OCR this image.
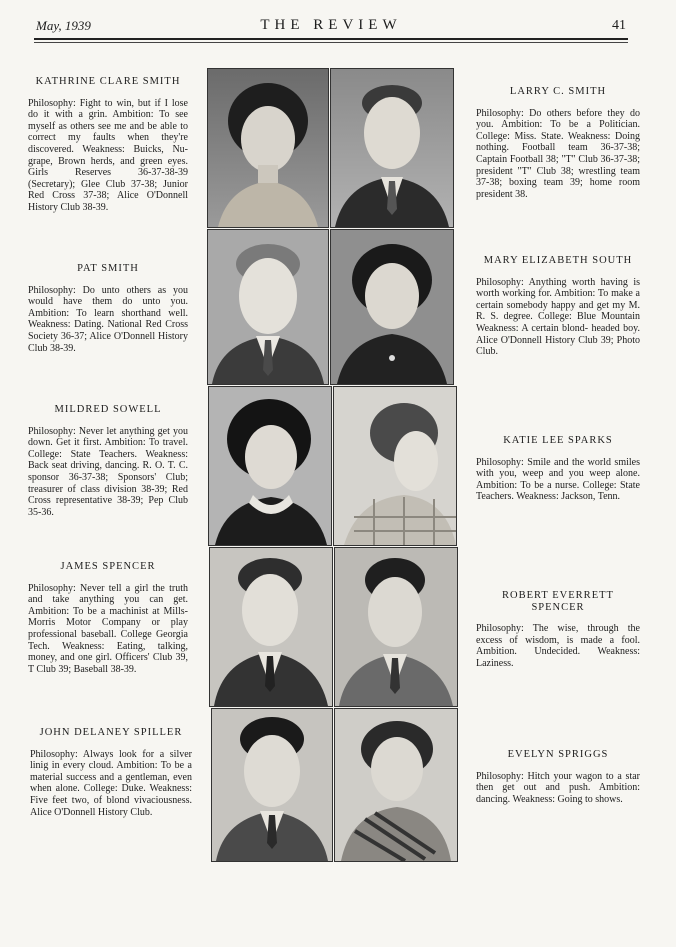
May, 1939	THE REVIEW	41
KATHRINE CLARE SMITH
Philosophy: Fight to win, but if I lose do it with a grin. Ambition: To see myself as others see me and be able to correct my faults when they're discovered. Weakness: Buicks, Nu-grape, Brown herds, and green eyes. Girls Reserves 36-37-38-39 (Secretary); Glee Club 37-38; Junior Red Cross 37-38; Alice O'Donnell History Club 38-39.
PAT SMITH
Philosophy: Do unto others as you would have them do unto you. Ambition: To learn shorthand well. Weakness: Dating. National Red Cross Society 36-37; Alice O'Donnell History Club 38-39.
MILDRED SOWELL
Philosophy: Never let anything get you down. Get it first. Ambition: To travel. College: State Teachers. Weakness: Back seat driving, dancing. R. O. T. C. sponsor 36-37-38; Sponsors' Club; treasurer of class division 38-39; Red Cross representative 38-39; Pep Club 35-36.
JAMES SPENCER
Philosophy: Never tell a girl the truth and take anything you can get. Ambition: To be a machinist at Mills-Morris Motor Company or play professional baseball. College Georgia Tech. Weakness: Eating, talking, money, and one girl. Officers' Club 39, T Club 39; Baseball 38-39.
JOHN DELANEY SPILLER
Philosophy: Always look for a silver linig in every cloud. Ambition: To be a material success and a gentleman, even when alone. College: Duke. Weakness: Five feet two, of blond vivaciousness. Alice O'Donnell History Club.
LARRY C. SMITH
Philosophy: Do others before they do you. Ambition: To be a Politician. College: Miss. State. Weakness: Doing nothing. Football team 36-37-38; Captain Football 38; "T" Club 36-37-38; president "T" Club 38; wrestling team 37-38; boxing team 39; home room president 38.
MARY ELIZABETH SOUTH
Philosophy: Anything worth having is worth working for. Ambition: To make a certain somebody happy and get my M. R. S. degree. College: Blue Mountain Weakness: A certain blond- headed boy. Alice O'Donnell History Club 39; Photo Club.
KATIE LEE SPARKS
Philosophy: Smile and the world smiles with you, weep and you weep alone. Ambition: To be a nurse. College: State Teachers. Weakness: Jackson, Tenn.
ROBERT EVERRETT SPENCER
Philosophy: The wise, through the excess of wisdom, is made a fool. Ambition. Undecided. Weakness: Laziness.
EVELYN SPRIGGS
Philosophy: Hitch your wagon to a star then get out and push. Ambition: dancing. Weakness: Going to shows.
